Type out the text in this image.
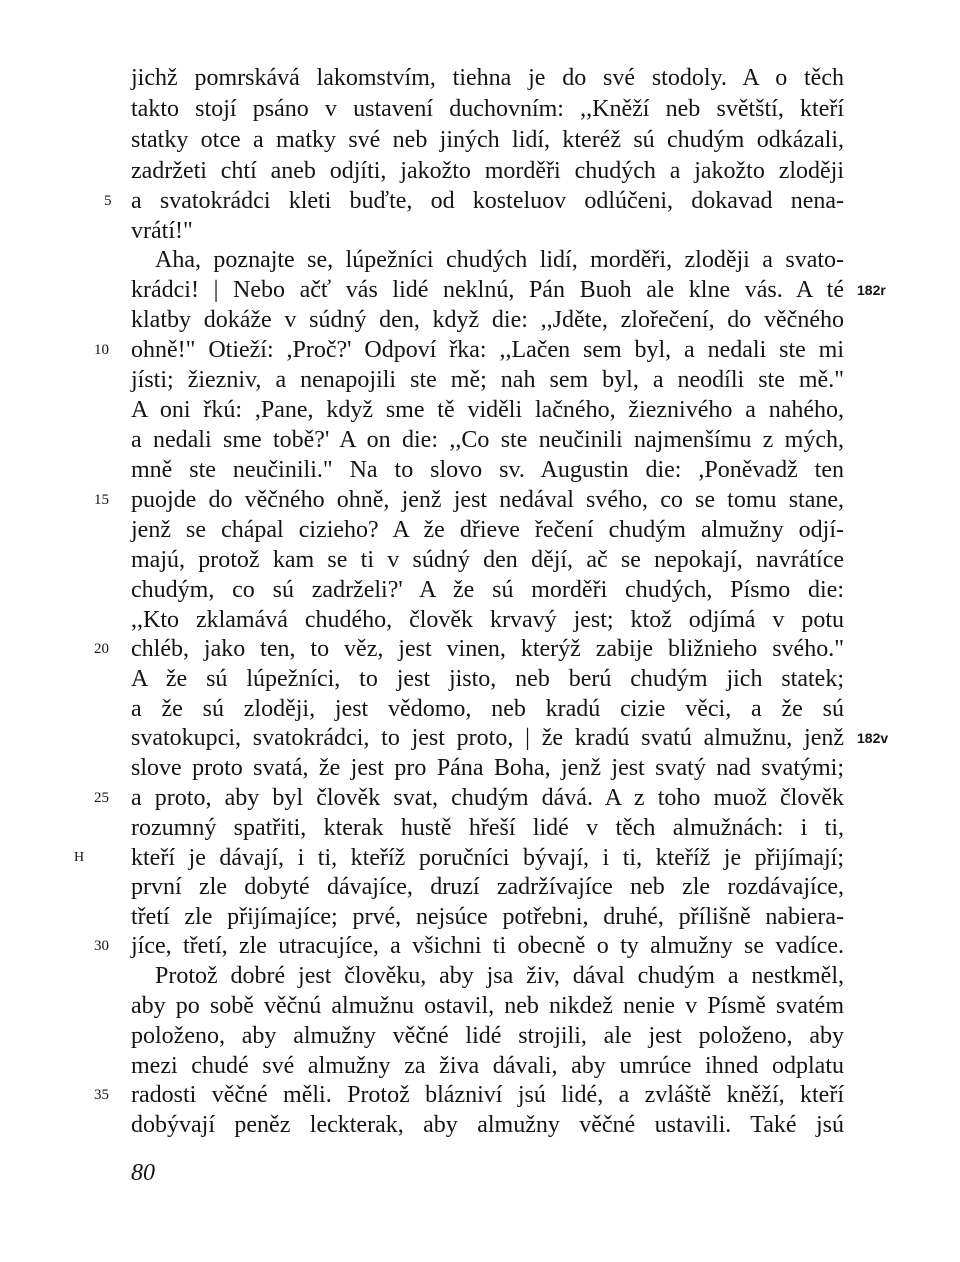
jichž pomrskává lakomstvím, tiehna je do své stodoly. A o těch
takto stojí psáno v ustavení duchovním: ,,Kněží neb světští, kteří
statky otce a matky své neb jiných lidí, kteréž sú chudým odkázali,
zadržeti chtí aneb odjíti, jakožto morděři chudých a jakožto zloději
a svatokrádci kleti buďte, od kosteluov odlúčeni, dokavad nena-
vrátí!"
Aha, poznajte se, lúpežníci chudých lidí, morděři, zloději a svato-
krádci! | Nebo ačť vás lidé neklnú, Pán Buoh ale klne vás. A té
klatby dokáže v súdný den, když die: ,,Jděte, zlořečení, do věčného
ohně!" Otieží: ,Proč?' Odpoví řka: ,,Lačen sem byl, a nedali ste mi
jísti; žiezniv, a nenapojili ste mě; nah sem byl, a neodíli ste mě."
A oni řkú: ,Pane, když sme tě viděli lačného, žieznivého a nahého,
a nedali sme tobě?' A on die: ,,Co ste neučinili najmenšímu z mých,
mně ste neučinili." Na to slovo sv. Augustin die: ,Poněvadž ten
puojde do věčného ohně, jenž jest nedával svého, co se tomu stane,
jenž se chápal cizieho? A že dřieve řečení chudým almužny odjí-
majú, protož kam se ti v súdný den dějí, ač se nepokají, navrátíce
chudým, co sú zadrželi?' A že sú morděři chudých, Písmo die:
,,Kto zklamává chudého, člověk krvavý jest; ktož odjímá v potu
chléb, jako ten, to věz, jest vinen, kterýž zabije bližnieho svého."
A že sú lúpežníci, to jest jisto, neb berú chudým jich statek;
a že sú zloději, jest vědomo, neb kradú cizie věci, a že sú
svatokupci, svatokrádci, to jest proto, | že kradú svatú almužnu, jenž
slove proto svatá, že jest pro Pána Boha, jenž jest svatý nad svatými;
a proto, aby byl člověk svat, chudým dává. A z toho muož člověk
rozumný spatřiti, kterak hustě hřeší lidé v těch almužnách: i ti,
kteří je dávají, i ti, kteříž poručníci bývají, i ti, kteříž je přijímají;
první zle dobyté dávajíce, druzí zadržívajíce neb zle rozdávajíce,
třetí zle přijímajíce; prvé, nejsúce potřebni, druhé, přílišně nabiera-
jíce, třetí, zle utracujíce, a všichni ti obecně o ty almužny se vadíce.
Protož dobré jest člověku, aby jsa živ, dával chudým a nestkměl,
aby po sobě věčnú almužnu ostavil, neb nikdež nenie v Písmě svatém
položeno, aby almužny věčné lidé strojili, ale jest položeno, aby
mezi chudé své almužny za živa dávali, aby umrúce ihned odplatu
radosti věčné měli. Protož blázniví jsú lidé, a zvláště kněží, kteří
dobývají peněz leckterak, aby almužny věčné ustavili. Také jsú
5
10
15
20
25
30
35
182r
182v
H
80
